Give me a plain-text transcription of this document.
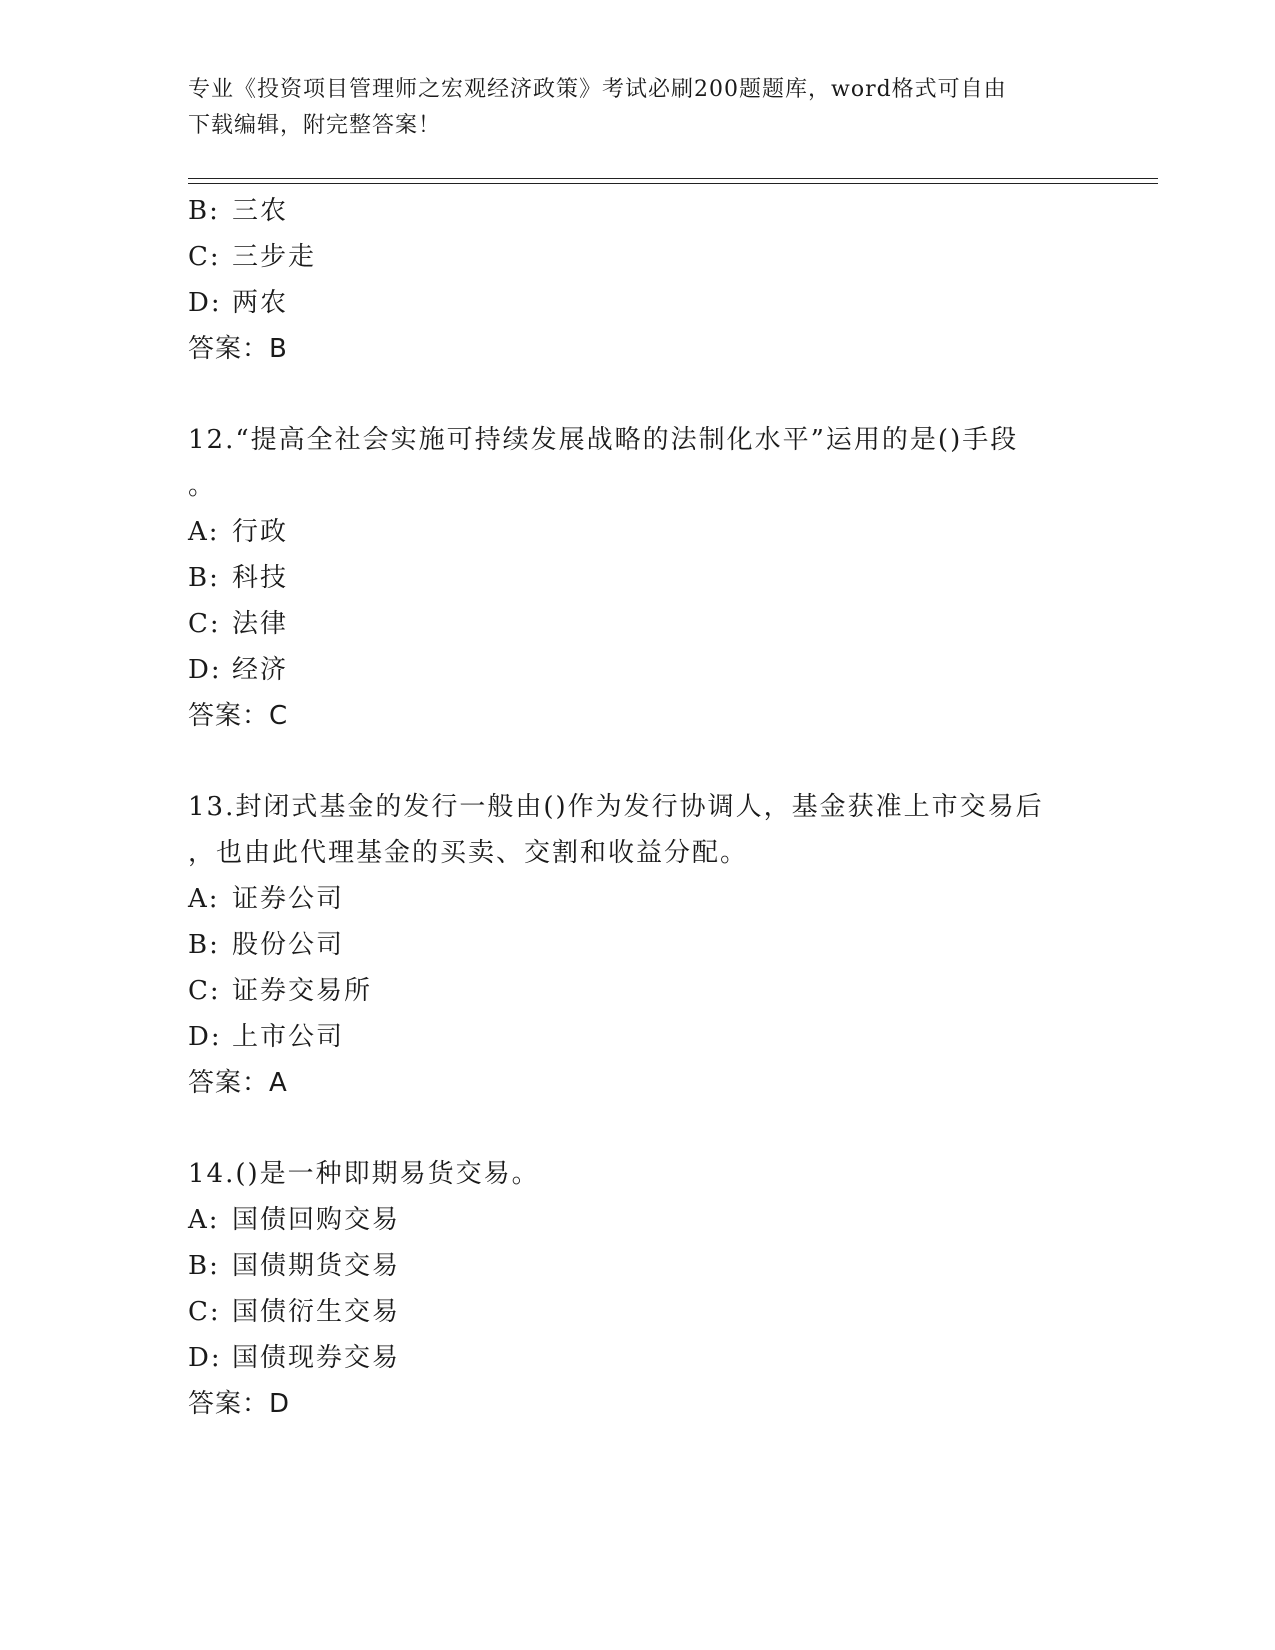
专业《投资项目管理师之宏观经济政策》考试必刷200题题库，word格式可自由
下载编辑，附完整答案！
B: 三农
C: 三步走
D: 两农
答案：B
12.“提高全社会实施可持续发展战略的法制化水平”运用的是()手段
。
A: 行政
B: 科技
C: 法律
D: 经济
答案：C
13.封闭式基金的发行一般由()作为发行协调人，基金获准上市交易后
，也由此代理基金的买卖、交割和收益分配。
A: 证券公司
B: 股份公司
C: 证券交易所
D: 上市公司
答案：A
14.()是一种即期易货交易。
A: 国债回购交易
B: 国债期货交易
C: 国债衍生交易
D: 国债现券交易
答案：D
